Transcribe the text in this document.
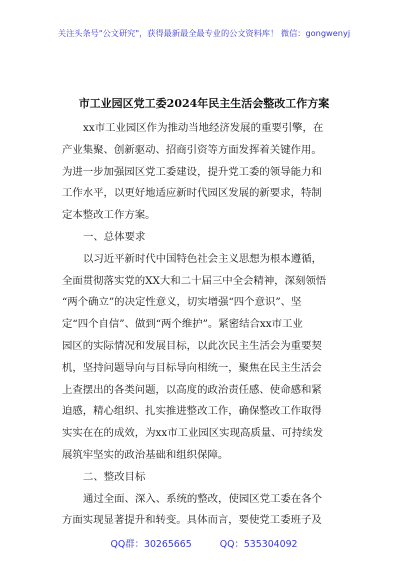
关注头条号"公文研究"，获得最新最全最专业的公文资料库！ 微信：gongwenyj
市工业园区党工委2024年民主生活会整改工作方案
xx市工业园区作为推动当地经济发展的重要引擎，在
产业集聚、创新驱动、招商引资等方面发挥着关键作用。
为进一步加强园区党工委建设，提升党工委的领导能力和
工作水平，以更好地适应新时代园区发展的新要求，特制
定本整改工作方案。
一、总体要求
以习近平新时代中国特色社会主义思想为根本遵循，
全面贯彻落实党的XX大和二十届三中全会精神，深刻领悟
“两个确立”的决定性意义，切实增强“四个意识”、坚
定“四个自信”、做到“两个维护”。紧密结合xx市工业
园区的实际情况和发展目标，以此次民主生活会为重要契
机，坚持问题导向与目标导向相统一，聚焦在民主生活会
上查摆出的各类问题，以高度的政治责任感、使命感和紧
迫感，精心组织、扎实推进整改工作，确保整改工作取得
实实在在的成效，为xx市工业园区实现高质量、可持续发
展筑牢坚实的政治基础和组织保障。
二、整改目标
通过全面、深入、系统的整改，使园区党工委在各个
方面实现显著提升和转变。具体而言，要使党工委班子及
QQ群：30265665	QQ：535304092
